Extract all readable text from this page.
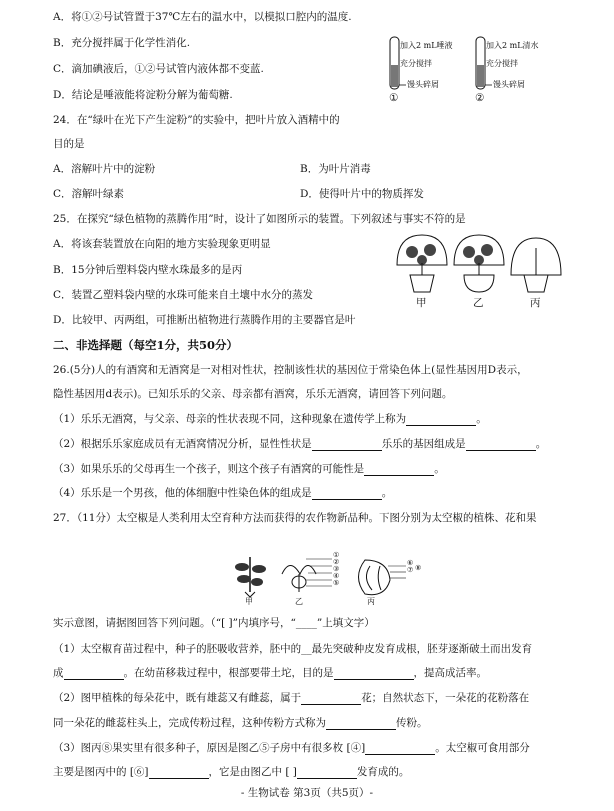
A．将①②号试管置于37℃左右的温水中，以模拟口腔内的温度.
B．充分搅拌属于化学性消化.
C．滴加碘液后，①②号试管内液体都不变蓝.
D．结论是唾液能将淀粉分解为葡萄糖.
加入2 mL唾液
充分搅拌
馒头碎屑
①
加入2 mL清水
充分搅拌
馒头碎屑
②
24．在“绿叶在光下产生淀粉”的实验中，把叶片放入酒精中的
目的是
A．溶解叶片中的淀粉	B．为叶片消毒
C．溶解叶绿素	D．使得叶片中的物质挥发
25．在探究“绿色植物的蒸腾作用”时，设计了如图所示的装置。下列叙述与事实不符的是
A．将该套装置放在向阳的地方实验现象更明显
B．15分钟后塑料袋内壁水珠最多的是丙
C．装置乙塑料袋内壁的水珠可能来自土壤中水分的蒸发
D．比较甲、丙两组，可推断出植物进行蒸腾作用的主要器官是叶
甲	乙	丙
二、非选择题（每空1分，共50分）
26.(5分)人的有酒窝和无酒窝是一对相对性状，控制该性状的基因位于常染色体上(显性基因用D表示，
隐性基因用d表示)。已知乐乐的父亲、母亲都有酒窝，乐乐无酒窝，请回答下列问题。
（1）乐乐无酒窝，与父亲、母亲的性状表现不同，这种现象在遗传学上称为	。
（2）根据乐乐家庭成员有无酒窝情况分析，显性性状是	乐乐的基因组成是	。
（3）如果乐乐的父母再生一个孩子，则这个孩子有酒窝的可能性是	。
（4）乐乐是一个男孩，他的体细胞中性染色体的组成是	。
27．（11分）太空椒是人类利用太空育种方法而获得的农作物新品种。下图分别为太空椒的植株、花和果
①
②
③
④
⑤
⑥
⑦ ⑧
甲	乙	丙
实示意图，请据图回答下列问题。（“[ ]”内填序号，“____”上填文字）
（1）太空椒育苗过程中，种子的胚吸收营养，胚中的__最先突破种皮发育成根，胚芽逐渐破土而出发育
成	。在幼苗移栽过程中，根部要带土坨，目的是	，提高成活率。
（2）图甲植株的每朵花中，既有雄蕊又有雌蕊，属于	花；自然状态下，一朵花的花粉落在
同一朵花的雌蕊柱头上，完成传粉过程，这种传粉方式称为	传粉。
（3）图丙⑧果实里有很多种子，原因是图乙⑤子房中有很多枚 [④]	。太空椒可食用部分
主要是图丙中的 [⑥]	，它是由图乙中 [ ]	发育成的。
- 生物试卷 第3页（共5页）-
